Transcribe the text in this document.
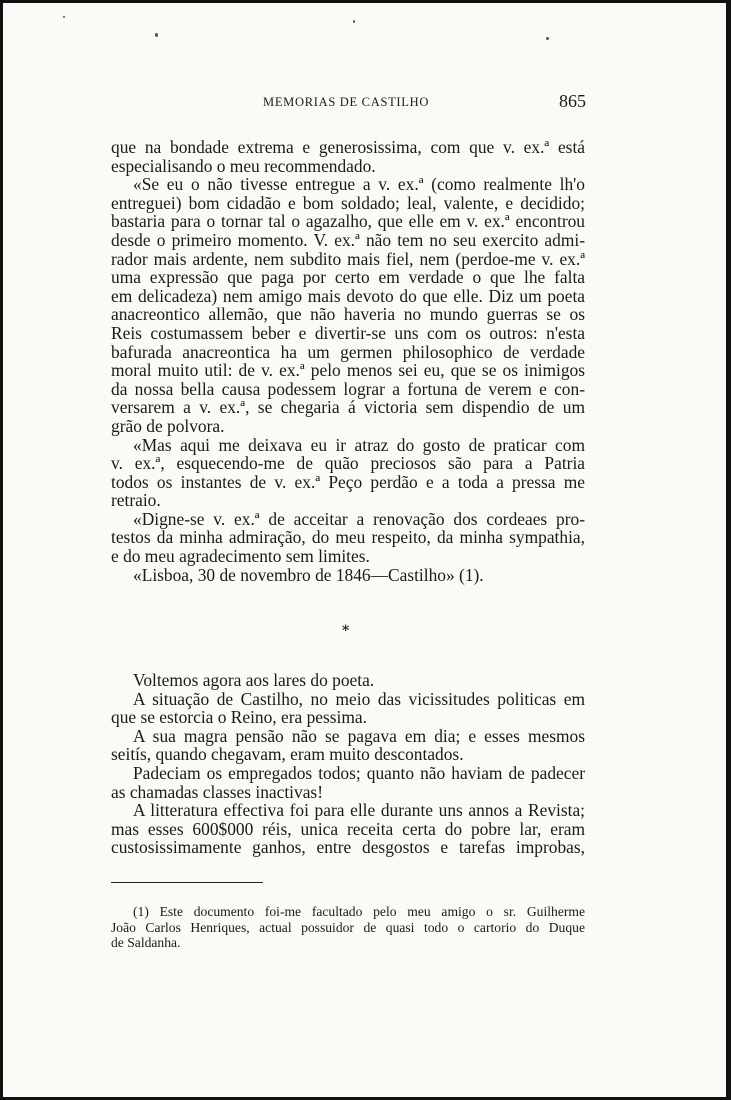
MEMORIAS DE CASTILHO	865
que na bondade extrema e generosissima, com que v. ex.ª está
especialisando o meu recommendado.
«Se eu o não tivesse entregue a v. ex.ª (como realmente lh'o
entreguei) bom cidadão e bom soldado; leal, valente, e decidido;
bastaria para o tornar tal o agazalho, que elle em v. ex.ª encontrou
desde o primeiro momento. V. ex.ª não tem no seu exercito admi-
rador mais ardente, nem subdito mais fiel, nem (perdoe-me v. ex.ª
uma expressão que paga por certo em verdade o que lhe falta
em delicadeza) nem amigo mais devoto do que elle. Diz um poeta
anacreontico allemão, que não haveria no mundo guerras se os
Reis costumassem beber e divertir-se uns com os outros: n'esta
bafurada anacreontica ha um germen philosophico de verdade
moral muito util: de v. ex.ª pelo menos sei eu, que se os inimigos
da nossa bella causa podessem lograr a fortuna de verem e con-
versarem a v. ex.ª, se chegaria á victoria sem dispendio de um
grão de polvora.
«Mas aqui me deixava eu ir atraz do gosto de praticar com
v. ex.ª, esquecendo-me de quão preciosos são para a Patria
todos os instantes de v. ex.ª Peço perdão e a toda a pressa me
retraio.
«Digne-se v. ex.ª de acceitar a renovação dos cordeaes pro-
testos da minha admiração, do meu respeito, da minha sympathia,
e do meu agradecimento sem limites.
«Lisboa, 30 de novembro de 1846—Castilho» (1).
*
Voltemos agora aos lares do poeta.
A situação de Castilho, no meio das vicissitudes politicas em
que se estorcia o Reino, era pessima.
A sua magra pensão não se pagava em dia; e esses mesmos
seitís, quando chegavam, eram muito descontados.
Padeciam os empregados todos; quanto não haviam de padecer
as chamadas classes inactivas!
A litteratura effectiva foi para elle durante uns annos a Revista;
mas esses 600$000 réis, unica receita certa do pobre lar, eram
custosissimamente ganhos, entre desgostos e tarefas improbas,
(1) Este documento foi-me facultado pelo meu amigo o sr. Guilherme
João Carlos Henriques, actual possuidor de quasi todo o cartorio do Duque
de Saldanha.
